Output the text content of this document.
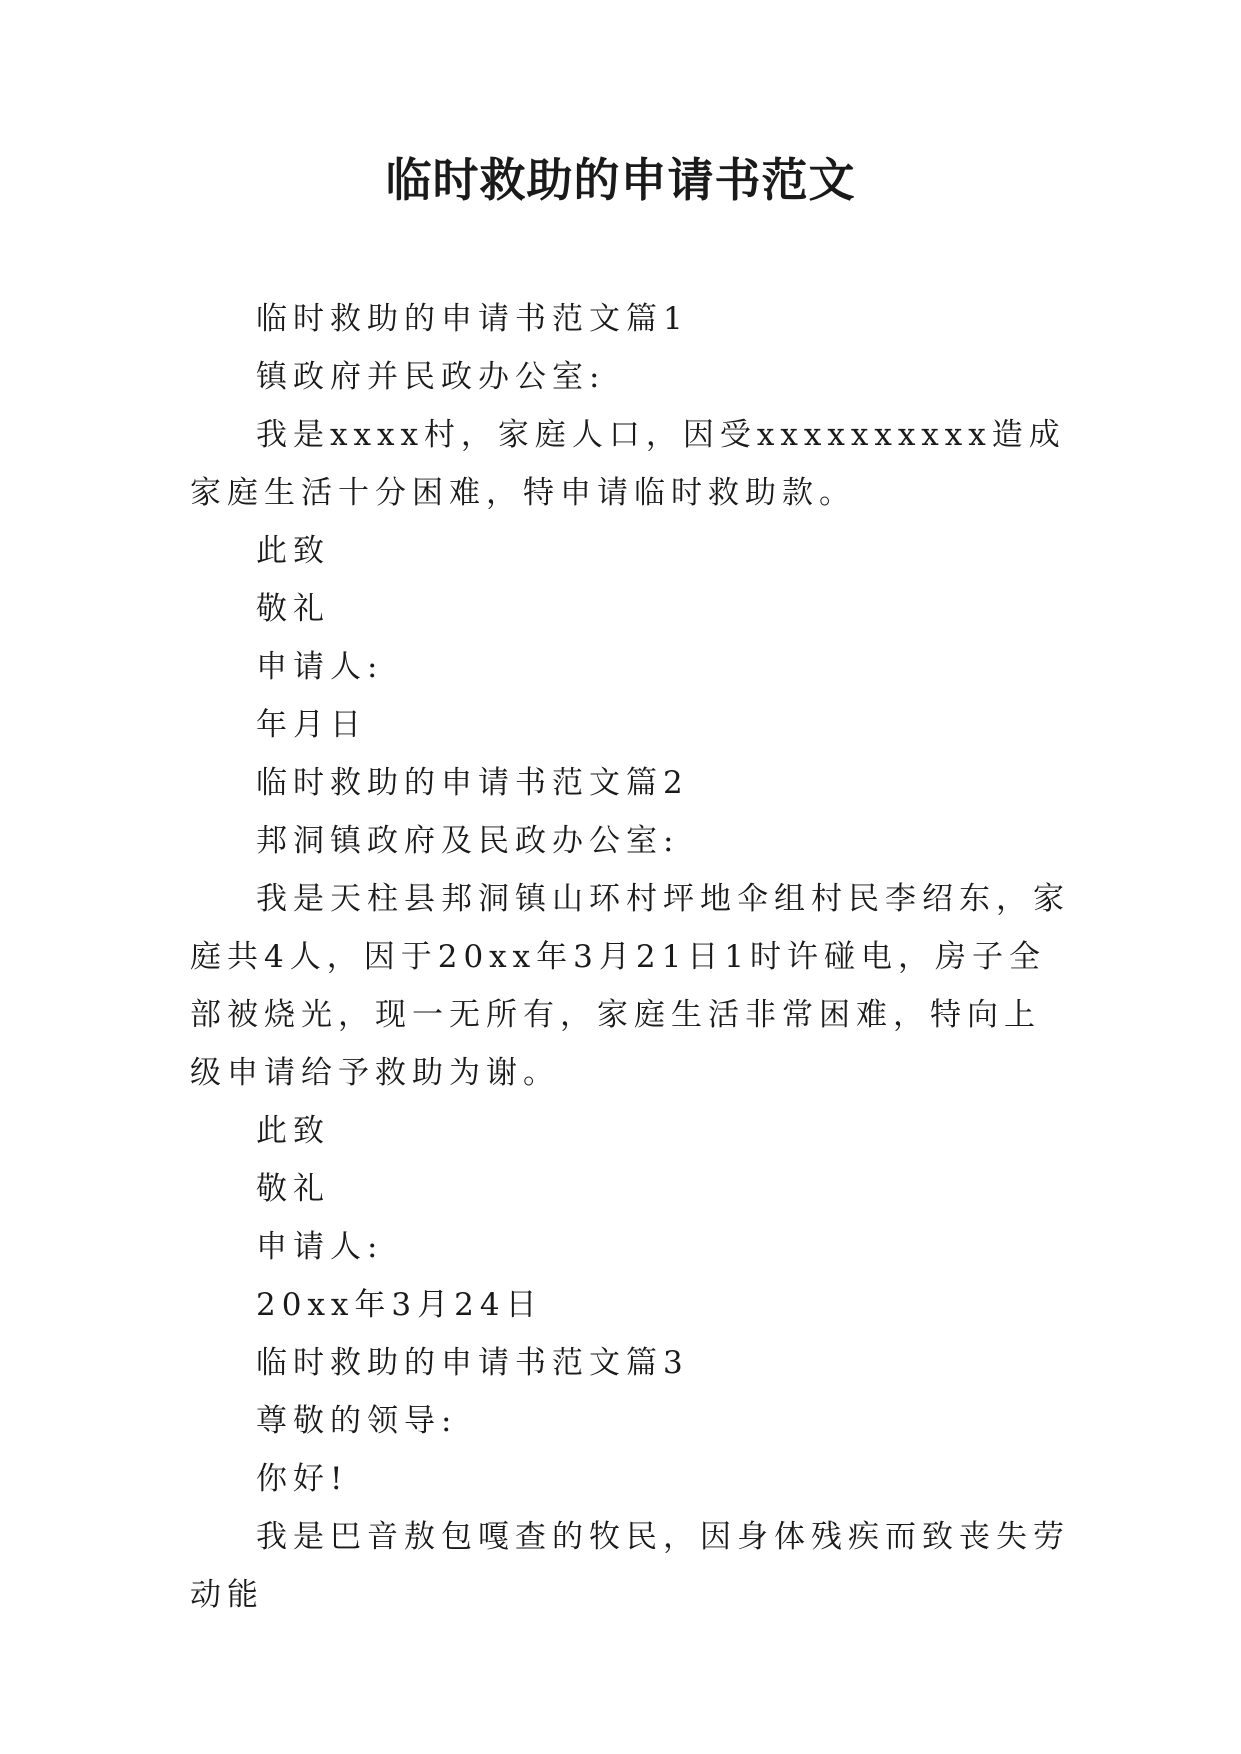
临时救助的申请书范文

临时救助的申请书范文篇1

镇政府并民政办公室:

我是xxxx村，家庭人口，因受xxxxxxxxxx造成家庭生活十分困难，特申请临时救助款。

此致

敬礼

申请人:

年月日

临时救助的申请书范文篇2

邦洞镇政府及民政办公室:

我是天柱县邦洞镇山环村坪地伞组村民李绍东，家庭共4人，因于20xx年3月21日1时许碰电，房子全部被烧光，现一无所有，家庭生活非常困难，特向上级申请给予救助为谢。

此致

敬礼

申请人:

20xx年3月24日

临时救助的申请书范文篇3

尊敬的领导:

你好!

我是巴音敖包嘎查的牧民，因身体残疾而致丧失劳动能
